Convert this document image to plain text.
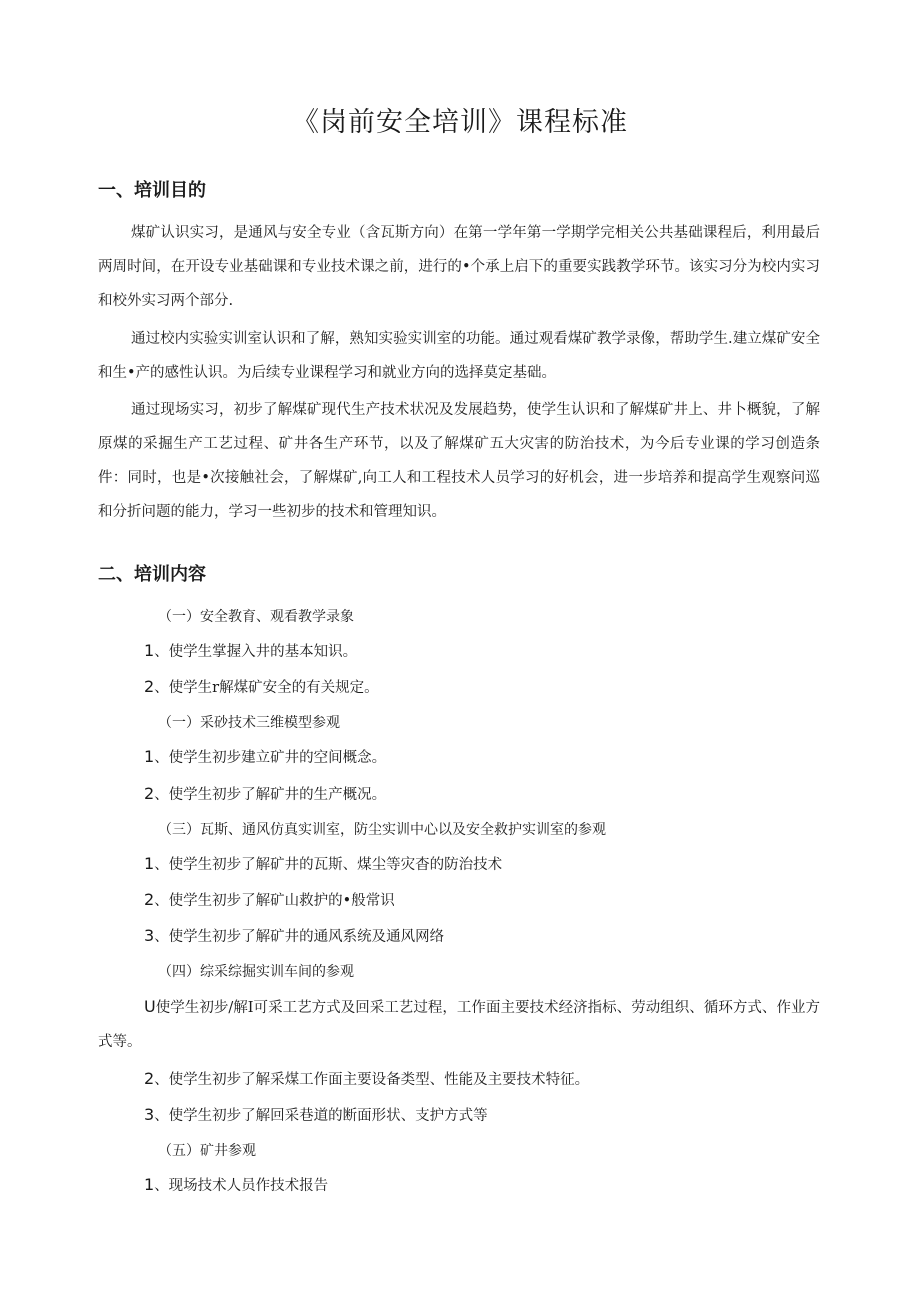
《岗前安全培训》课程标准
一、培训目的

煤矿认识实习，是通风与安全专业（含瓦斯方向）在第一学年第一学期学完相关公共基础课程后，利用最后两周时间，在开设专业基础课和专业技术课之前，进行的•个承上启下的重要实践教学环节。该实习分为校内实习和校外实习两个部分.

通过校内实验实训室认识和了解，熟知实验实训室的功能。通过观看煤矿教学录像，帮助学生.建立煤矿安全和生•产的感性认识。为后续专业课程学习和就业方向的选择莫定基础。

通过现场实习，初步了解煤矿现代生产技术状况及发展趋势，使学生认识和了解煤矿井上、井卜概貌，了解原煤的采掘生产工艺过程、矿井各生产环节，以及了解煤矿五大灾害的防治技术，为今后专业课的学习创造条件：同时，也是•次接触社会，了解煤矿,向工人和工程技术人员学习的好机会，进一步培养和提高学生观察问巡和分折问题的能力，学习一些初步的技术和管理知识。

二、培训内容
（一）安全教育、观看教学录象
1、使学生掌握入井的基本知识。
2、使学生r解煤矿安全的有关规定。
（一）采砂技术三维模型参观
1、使学生初步建立矿井的空间概念。
2、使学生初步了解矿井的生产概况。
（三）瓦斯、通风仿真实训室，防尘实训中心以及安全救护实训室的参观
1、使学生初步了解矿井的瓦斯、煤尘等灾杳的防治技术
2、使学生初步了解矿山救护的•般常识
3、使学生初步了解矿井的通风系统及通风网络
（四）综采综掘实训车间的参观

U使学生初步/解I可采工艺方式及回采工艺过程，工作面主要技术经济指标、劳动组织、循环方式、作业方式等。

2、使学生初步了解采煤工作面主要设备类型、性能及主要技术特征。
3、使学生初步了解回采巷道的断面形状、支护方式等
（五）矿井参观
1、现场技术人员作技术报告
